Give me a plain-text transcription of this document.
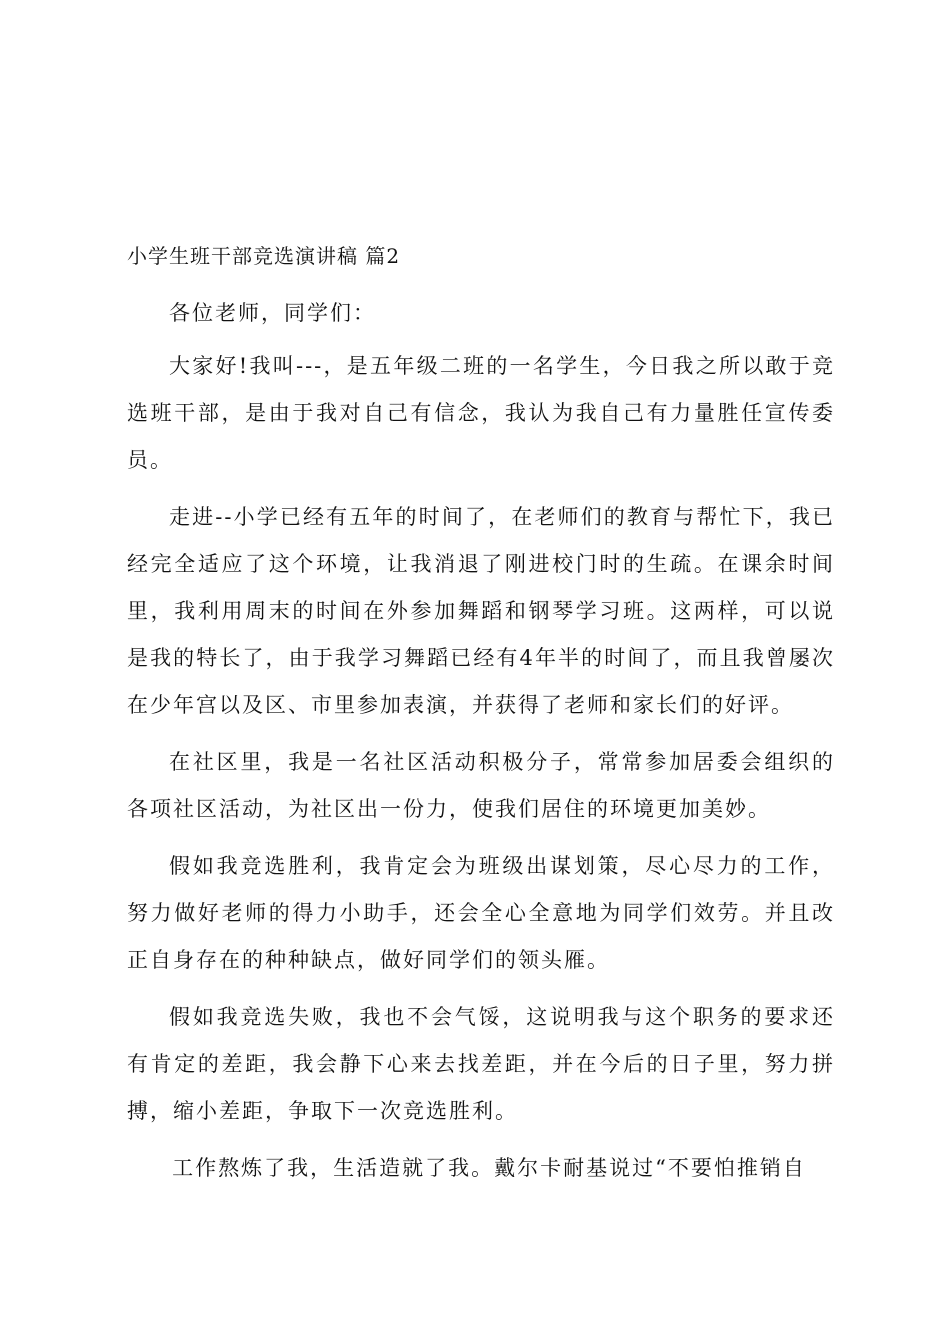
小学生班干部竞选演讲稿 篇2

各位老师，同学们：

大家好!我叫---，是五年级二班的一名学生，今日我之所以敢于竞选班干部，是由于我对自己有信念，我认为我自己有力量胜任宣传委员。

走进--小学已经有五年的时间了，在老师们的教育与帮忙下，我已经完全适应了这个环境，让我消退了刚进校门时的生疏。在课余时间里，我利用周末的时间在外参加舞蹈和钢琴学习班。这两样，可以说是我的特长了，由于我学习舞蹈已经有4年半的时间了，而且我曾屡次在少年宫以及区、市里参加表演，并获得了老师和家长们的好评。

在社区里，我是一名社区活动积极分子，常常参加居委会组织的各项社区活动，为社区出一份力，使我们居住的环境更加美妙。

假如我竞选胜利，我肯定会为班级出谋划策，尽心尽力的工作，努力做好老师的得力小助手，还会全心全意地为同学们效劳。并且改正自身存在的种种缺点，做好同学们的领头雁。

假如我竞选失败，我也不会气馁，这说明我与这个职务的要求还有肯定的差距，我会静下心来去找差距，并在今后的日子里，努力拼搏，缩小差距，争取下一次竞选胜利。

工作熬炼了我，生活造就了我。戴尔卡耐基说过“不要怕推销自
